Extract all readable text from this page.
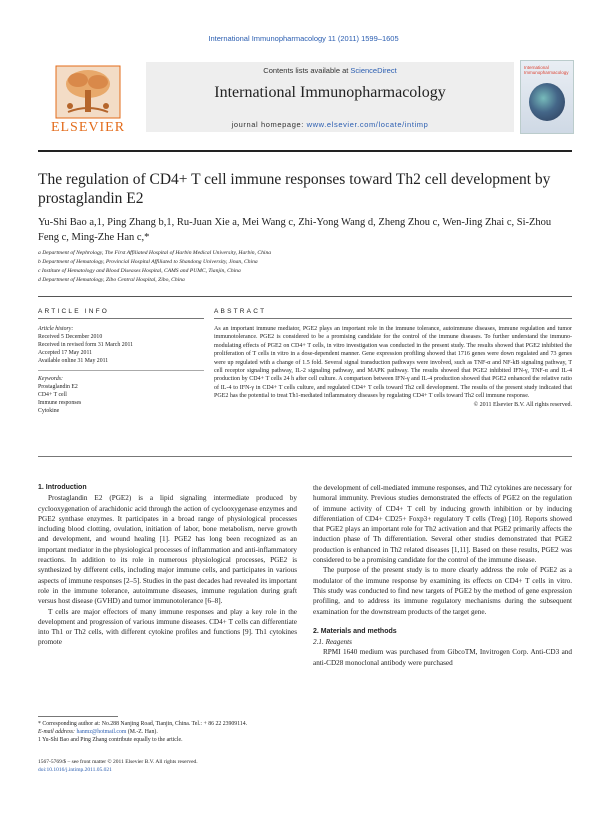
International Immunopharmacology 11 (2011) 1599–1605
ELSEVIER
Contents lists available at ScienceDirect
International Immunopharmacology
journal homepage: www.elsevier.com/locate/intimp
International Immunopharmacology
The regulation of CD4+ T cell immune responses toward Th2 cell development by prostaglandin E2
Yu-Shi Bao a,1, Ping Zhang b,1, Ru-Juan Xie a, Mei Wang c, Zhi-Yong Wang d, Zheng Zhou c, Wen-Jing Zhai c, Si-Zhou Feng c, Ming-Zhe Han c,*
a Department of Nephrology, The First Affiliated Hospital of Harbin Medical University, Harbin, China
b Department of Hematology, Provincial Hospital Affiliated to Shandong University, Jinan, China
c Institute of Hematology and Blood Diseases Hospital, CAMS and PUMC, Tianjin, China
d Department of Hematology, Zibo Central Hospital, Zibo, China
ARTICLE INFO	ABSTRACT
Article history:
Received 5 December 2010
Received in revised form 31 March 2011
Accepted 17 May 2011
Available online 31 May 2011
Keywords:
Prostaglandin E2
CD4+ T cell
Immune responses
Cytokine
As an important immune mediator, PGE2 plays an important role in the immune tolerance, autoimmune diseases, immune regulation and tumor immunotolerance. PGE2 is considered to be a promising candidate for the control of the immune diseases. To further understand the immuno-modulating effects of PGE2 on CD4+ T cells, in vitro investigation was conducted in the present study. The results showed that PGE2 inhibited the proliferation of T cells in vitro in a dose-dependent manner. Gene expression profiling showed that 1716 genes were down regulated and 73 genes were up regulated with a change of 1.5 fold. Several signal transduction pathways were involved, such as TNF-α and NF-kB signaling pathway, T cell receptor signaling pathway, IL-2 signaling pathway, and MAPK pathway. The results showed that PGE2 inhibited IFN-γ, TNF-α and IL-4 production by CD4+ T cells 24 h after cell culture. A comparison between IFN-γ and IL-4 production showed that PGE2 enhanced the relative ratio of IL-4 to IFN-γ in CD4+ T cells culture, and regulated CD4+ T cells toward Th2 cell development. The results of the present study indicated that PGE2 has the potential to treat Th1-mediated inflammatory diseases by regulating CD4+ T cells toward Th2 cell immune response.
© 2011 Elsevier B.V. All rights reserved.

1. Introduction

Prostaglandin E2 (PGE2) is a lipid signaling intermediate produced by cyclooxygenation of arachidonic acid through the action of cyclooxygenase enzymes and PGE2 synthase enzymes. It participates in a broad range of physiological processes including blood clotting, ovulation, initiation of labor, bone metabolism, nerve growth and development, and wound healing [1]. PGE2 has long been recognized as an important mediator in the physiological processes of inflammation and anti-inflammatory reactions. In addition to its role in numerous physiological processes, PGE2 is synthesized by different cells, including major immune cells, and participates in various aspects of immune responses [2–5]. Studies in the past decades had revealed its important role in the immune tolerance, autoimmune diseases, immune regulation during graft versus host disease (GVHD) and tumor immunotolerance [6–8].

T cells are major effectors of many immune responses and play a key role in the development and progression of various immune diseases. CD4+ T cells can differentiate into Th1 or Th2 cells, with different cytokine profiles and functions [9]. Th1 cytokines promote

the development of cell-mediated immune responses, and Th2 cytokines are necessary for humoral immunity. Previous studies demonstrated the effects of PGE2 on the regulation of immune activity of CD4+ T cell by inducing growth inhibition or by inducing differentiation of CD4+ CD25+ Foxp3+ regulatory T cells (Treg) [10]. Reports showed that PGE2 plays an important role for Th2 activation and that PGE2 primarily affects the induction phase of Th differentiation. Several other studies demonstrated that PGE2 production is enhanced in Th2 related diseases [1,11]. Based on these results, PGE2 was considered to be a promising candidate for the control of the immune disease.

The purpose of the present study is to more clearly address the role of PGE2 as a modulator of the immune response by examining its effects on CD4+ T cells in vitro. This study was conducted to find new targets of PGE2 by the method of gene expression profiling, and to address its immune regulatory mechanisms during the subsequent examination for the downstream products of the target gene.

2. Materials and methods

2.1. Reagents

RPMI 1640 medium was purchased from GibcoTM, Invitrogen Corp. Anti-CD3 and anti-CD28 monoclonal antibody were purchased

* Corresponding author at: No.288 Nanjing Road, Tianjin, China. Tel.: + 86 22 23909114.
E-mail address: hanmz@hotmail.com (M.-Z. Han).
1 Yu-Shi Bao and Ping Zhang contribute equally to the article.
1567-5769/$ – see front matter © 2011 Elsevier B.V. All rights reserved.
doi:10.1016/j.intimp.2011.05.021
